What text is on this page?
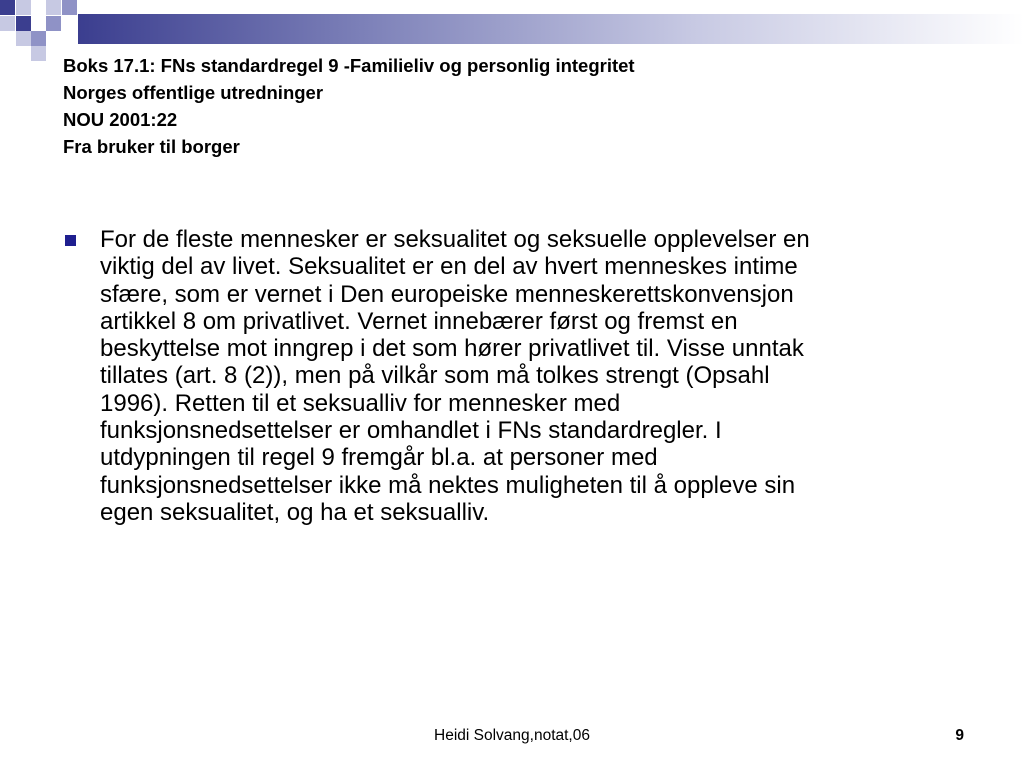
Boks 17.1: FNs standardregel 9 -Familieliv og personlig integritet
Norges offentlige utredninger
NOU 2001:22
Fra bruker til borger
For de fleste mennesker er seksualitet og seksuelle opplevelser en
viktig del av livet. Seksualitet er en del av hvert menneskes intime
sfære, som er vernet i Den europeiske menneskerettskonvensjon
artikkel 8 om privatlivet. Vernet innebærer først og fremst en
beskyttelse mot inngrep i det som hører privatlivet til. Visse unntak
tillates (art. 8 (2)), men på vilkår som må tolkes strengt (Opsahl
1996). Retten til et seksualliv for mennesker med
funksjonsnedsettelser er omhandlet i FNs standardregler. I
utdypningen til regel 9 fremgår bl.a. at personer med
funksjonsnedsettelser ikke må nektes muligheten til å oppleve sin
egen seksualitet, og ha et seksualliv.
Heidi Solvang,notat,06	9
